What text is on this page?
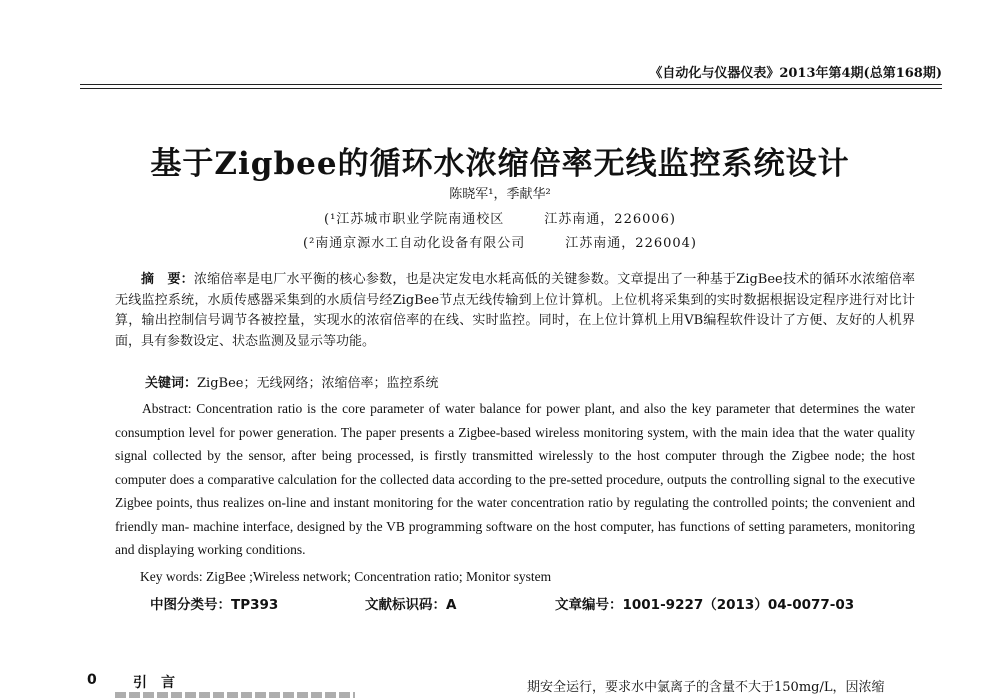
《自动化与仪器仪表》2013年第4期(总第168期)
基于Zigbee的循环水浓缩倍率无线监控系统设计
陈晓军¹，季献华²
(¹江苏城市职业学院南通校区	江苏南通，226006)
(²南通京源水工自动化设备有限公司	江苏南通，226004)
摘　要：浓缩倍率是电厂水平衡的核心参数，也是决定发电水耗高低的关键参数。文章提出了一种基于ZigBee技术的循环水浓缩倍率无线监控系统，水质传感器采集到的水质信号经ZigBee节点无线传输到上位计算机。上位机将采集到的实时数据根据设定程序进行对比计算，输出控制信号调节各被控量，实现水的浓宿倍率的在线、实时监控。同时，在上位计算机上用VB编程软件设计了方便、友好的人机界面，具有参数设定、状态监测及显示等功能。
关键词：ZigBee；无线网络；浓缩倍率；监控系统
Abstract: Concentration ratio is the core parameter of water balance for power plant, and also the key parameter that determines the water consumption level for power generation. The paper presents a Zigbee-based wireless monitoring system, with the main idea that the water quality signal collected by the sensor, after being processed, is firstly transmitted wirelessly to the host computer through the Zigbee node; the host computer does a comparative calculation for the collected data according to the pre-setted procedure, outputs the controlling signal to the executive Zigbee points, thus realizes on-line and instant monitoring for the water concentration ratio by regulating the controlled points; the convenient and friendly man- machine interface, designed by the VB programming software on the host computer, has functions of setting parameters, monitoring and displaying working conditions.
Key words: ZigBee ;Wireless network; Concentration ratio; Monitor system
中图分类号：TP393	文献标识码：A	文章编号：1001-9227（2013）04-0077-03
0	引　言	期安全运行，要求水中氯离子的含量不大于150mg/L，因浓缩
